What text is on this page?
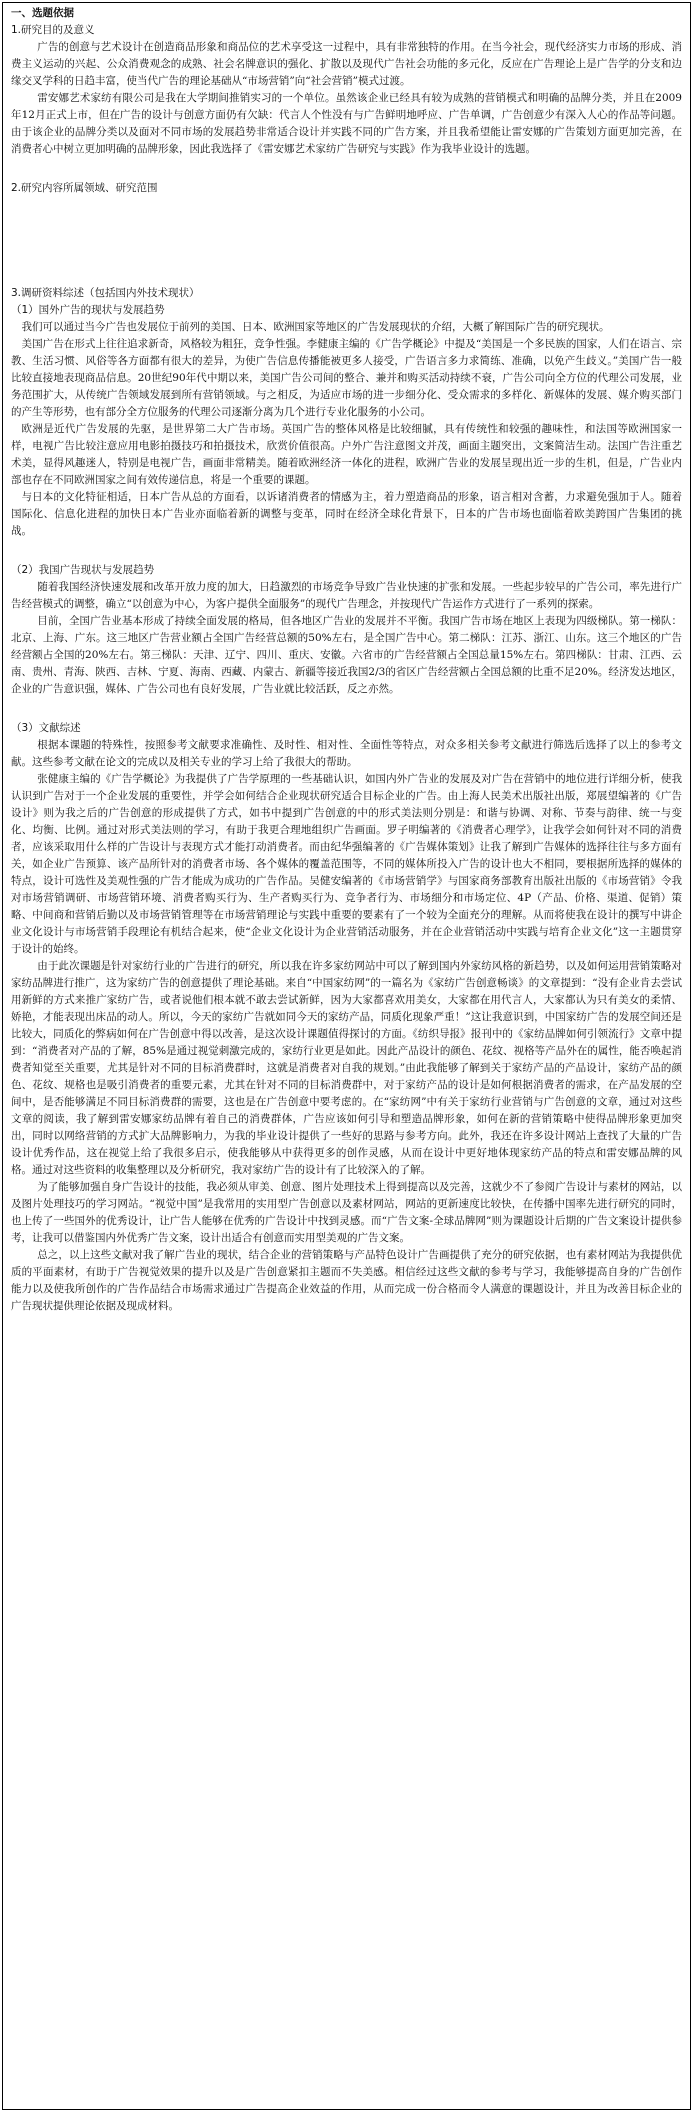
一、选题依据

1.研究目的及意义

广告的创意与艺术设计在创造商品形象和商品位的艺术享受这一过程中，具有非常独特的作用。在当今社会，现代经济实力市场的形成、消费主义运动的兴起、公众消费观念的成熟、社会名牌意识的强化、扩散以及现代广告社会功能的多元化，反应在广告理论上是广告学的分支和边缘交叉学科的日趋丰富，使当代广告的理论基础从“市场营销”向“社会营销”模式过渡。

雷安娜艺术家纺有限公司是我在大学期间推销实习的一个单位。虽然该企业已经具有较为成熟的营销模式和明确的品牌分类，并且在2009年12月正式上市，但在广告的设计与创意方面仍有欠缺：代言人个性没有与广告鲜明地呼应、广告单调，广告创意少有深入人心的作品等问题。由于该企业的品牌分类以及面对不同市场的发展趋势非常适合设计并实践不同的广告方案，并且我希望能让雷安娜的广告策划方面更加完善，在消费者心中树立更加明确的品牌形象，因此我选择了《雷安娜艺术家纺广告研究与实践》作为我毕业设计的选题。

2.研究内容所属领域、研究范围

3.调研资料综述（包括国内外技术现状）

（1）国外广告的现状与发展趋势

我们可以通过当今广告也发展位于前列的美国、日本、欧洲国家等地区的广告发展现状的介绍，大概了解国际广告的研究现状。

美国广告在形式上往往追求新奇，风格较为粗狂，竞争性强。李健康主编的《广告学概论》中提及“美国是一个多民族的国家，人们在语言、宗教、生活习惯、风俗等各方面都有很大的差异，为使广告信息传播能被更多人接受，广告语言多力求简练、准确，以免产生歧义。”美国广告一般比较直接地表现商品信息。20世纪90年代中期以来，美国广告公司间的整合、兼并和购买活动持续不衰，广告公司向全方位的代理公司发展，业务范围扩大，从传统广告领域发展到所有营销领域。与之相反，为适应市场的进一步细分化、受众需求的多样化、新媒体的发展、媒介购买部门的产生等形势，也有部分全方位服务的代理公司逐渐分离为几个进行专业化服务的小公司。

欧洲是近代广告发展的先驱，是世界第二大广告市场。英国广告的整体风格是比较细腻，具有传统性和较强的趣味性，和法国等欧洲国家一样，电视广告比较注意应用电影拍摄技巧和拍摄技术，欣赏价值很高。户外广告注意图文并茂，画面主题突出，文案简洁生动。法国广告注重艺术美，显得风趣迷人，特别是电视广告，画面非常精美。随着欧洲经济一体化的进程，欧洲广告业的发展呈现出近一步的生机，但是，广告业内部也存在不同欧洲国家之间有效传递信息，将是一个重要的课题。

与日本的文化特征相适，日本广告从总的方面看，以诉诸消费者的情感为主，着力塑造商品的形象，语言相对含蓄，力求避免强加于人。随着国际化、信息化进程的加快日本广告业亦面临着新的调整与变革，同时在经济全球化背景下，日本的广告市场也面临着欧美跨国广告集团的挑战。

（2）我国广告现状与发展趋势

随着我国经济快速发展和改革开放力度的加大，日趋激烈的市场竞争导致广告业快速的扩张和发展。一些起步较早的广告公司，率先进行广告经营模式的调整，确立“以创意为中心，为客户提供全面服务”的现代广告理念，并按现代广告运作方式进行了一系列的探索。

目前，全国广告业基本形成了持续全面发展的格局，但各地区广告业的发展并不平衡。我国广告市场在地区上表现为四级梯队。第一梯队：北京、上海、广东。这三地区广告营业额占全国广告经营总额的50%左右，是全国广告中心。第二梯队：江苏、浙江、山东。这三个地区的广告经营额占全国的20%左右。第三梯队：天津、辽宁、四川、重庆、安徽。六省市的广告经营额占全国总量15%左右。第四梯队：甘肃、江西、云南、贵州、青海、陕西、吉林、宁夏、海南、西藏、内蒙古、新疆等接近我国2/3的省区广告经营额占全国总额的比重不足20%。经济发达地区，企业的广告意识强，媒体、广告公司也有良好发展，广告业就比较活跃，反之亦然。

（3）文献综述

根据本课题的特殊性，按照参考文献要求准确性、及时性、相对性、全面性等特点，对众多相关参考文献进行筛选后选择了以上的参考文献。这些参考文献在论文的完成以及相关专业的学习上给了我很大的帮助。

张健康主编的《广告学概论》为我提供了广告学原理的一些基础认识，如国内外广告业的发展及对广告在营销中的地位进行详细分析，使我认识到广告对于一个企业发展的重要性，并学会如何结合企业现状研究适合目标企业的广告。由上海人民美术出版社出版，郑展望编著的《广告设计》则为我之后的广告创意的形成提供了方式，如书中提到广告创意的中的形式美法则分别是：和谐与协调、对称、节奏与韵律、统一与变化、均衡、比例。通过对形式美法则的学习，有助于我更合理地组织广告画面。罗子明编著的《消费者心理学》，让我学会如何针对不同的消费者，应该采取用什么样的广告设计与表现方式才能打动消费者。而由纪华强编著的《广告媒体策划》让我了解到广告媒体的选择往往与多方面有关，如企业广告预算、该产品所针对的消费者市场、各个媒体的覆盖范围等，不同的媒体所投入广告的设计也大不相同，要根据所选择的媒体的特点，设计可选性及美观性强的广告才能成为成功的广告作品。吴健安编著的《市场营销学》与国家商务部教育出版社出版的《市场营销》令我对市场营销调研、市场营销环境、消费者购买行为、生产者购买行为、竞争者行为、市场细分和市场定位、4P（产品、价格、渠道、促销）策略、中间商和营销后勤以及市场营销管理等在市场营销理论与实践中重要的要素有了一个较为全面充分的理解。从而将使我在设计的撰写中讲企业文化设计与市场营销手段理论有机结合起来，使“企业文化设计为企业营销活动服务，并在企业营销活动中实践与培育企业文化”这一主题贯穿于设计的始终。

由于此次课题是针对家纺行业的广告进行的研究，所以我在许多家纺网站中可以了解到国内外家纺风格的新趋势，以及如何运用营销策略对家纺品牌进行推广，这为家纺广告的创意提供了理论基础。来自“中国家纺网”的一篇名为《家纺广告创意畅谈》的文章提到：“没有企业肯去尝试用新鲜的方式来推广家纺广告，或者说他们根本就不敢去尝试新鲜，因为大家都喜欢用美女，大家都在用代言人，大家都认为只有美女的柔情、娇艳，才能表现出床品的动人。所以，今天的家纺广告就如同今天的家纺产品，同质化现象严重！”这让我意识到，中国家纺广告的发展空间还是比较大，同质化的弊病如何在广告创意中得以改善，是这次设计课题值得探讨的方面。《纺织导报》报刊中的《家纺品牌如何引领流行》文章中提到：“消费者对产品的了解，85%是通过视觉刺激完成的，家纺行业更是如此。因此产品设计的颜色、花纹、视格等产品外在的属性，能否唤起消费者知觉至关重要，尤其是针对不同的目标消费群时，这就是消费者对自我的规划。”由此我能够了解到关于家纺产品的产品设计，家纺产品的颜色、花纹、规格也是吸引消费者的重要元素，尤其在针对不同的目标消费群中，对于家纺产品的设计是如何根据消费者的需求，在产品发展的空间中，是否能够满足不同目标消费群的需要，这也是在广告创意中要考虑的。在“家纺网”中有关于家纺行业营销与广告创意的文章，通过对这些文章的阅读，我了解到雷安娜家纺品牌有着自己的消费群体，广告应该如何引导和塑造品牌形象，如何在新的营销策略中使得品牌形象更加突出，同时以网络营销的方式扩大品牌影响力，为我的毕业设计提供了一些好的思路与参考方向。此外，我还在许多设计网站上查找了大量的广告设计优秀作品，这在视觉上给了我很多启示，使我能够从中获得更多的创作灵感，从而在设计中更好地体现家纺产品的特点和雷安娜品牌的风格。通过对这些资料的收集整理以及分析研究，我对家纺广告的设计有了比较深入的了解。

为了能够加强自身广告设计的技能，我必须从审美、创意、图片处理技术上得到提高以及完善，这就少不了参阅广告设计与素材的网站，以及图片处理技巧的学习网站。“视觉中国”是我常用的实用型广告创意以及素材网站，网站的更新速度比较快，在传播中国率先进行研究的同时，也上传了一些国外的优秀设计，让广告人能够在优秀的广告设计中找到灵感。而“广告文案-全球品牌网”则为课题设计后期的广告文案设计提供参考，让我可以借鉴国内外优秀广告文案，设计出适合有创意而实用型美观的广告文案。

总之，以上这些文献对我了解广告业的现状，结合企业的营销策略与产品特色设计广告画提供了充分的研究依据，也有素材网站为我提供优质的平面素材，有助于广告视觉效果的提升以及是广告创意紧扣主题而不失美感。相信经过这些文献的参考与学习，我能够提高自身的广告创作能力以及使我所创作的广告作品结合市场需求通过广告提高企业效益的作用，从而完成一份合格而令人满意的课题设计，并且为改善目标企业的广告现状提供理论依据及现成材料。
